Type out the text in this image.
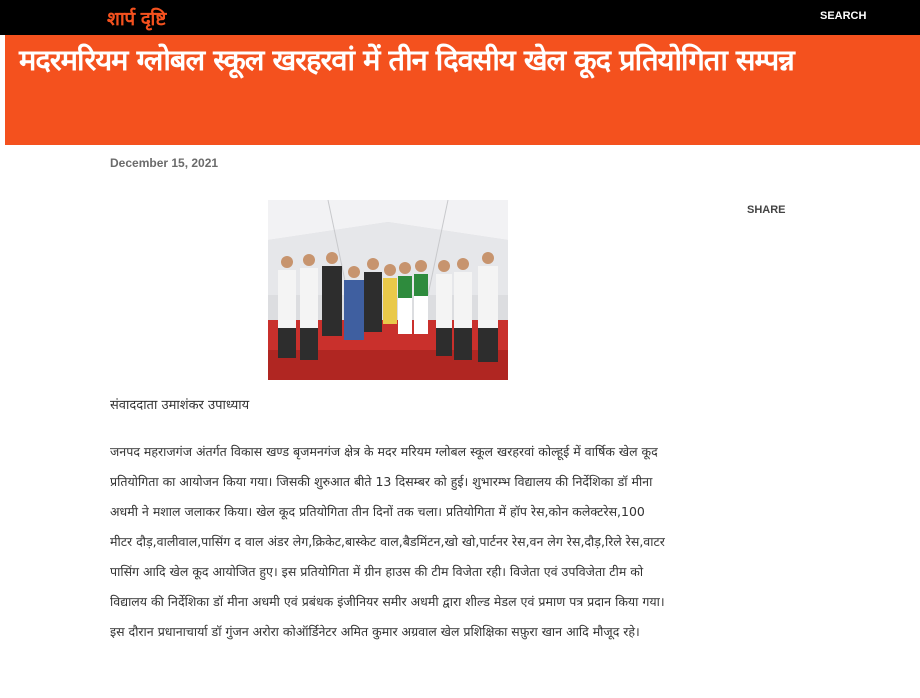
शार्प दृष्टि	SEARCH
मदरमरियम ग्लोबल स्कूल खरहरवां में तीन दिवसीय खेल कूद प्रतियोगिता सम्पन्न
December 15, 2021
SHARE
संवाददाता उमाशंकर उपाध्याय

जनपद महराजगंज अंतर्गत विकास खण्ड बृजमनगंज क्षेत्र के मदर मरियम ग्लोबल स्कूल खरहरवां कोल्हूई में वार्षिक खेल कूद प्रतियोगिता का आयोजन किया गया। जिसकी शुरुआत बीते 13 दिसम्बर को हुई। शुभारम्भ विद्यालय की निर्देशिका डॉ मीना अधमी ने मशाल जलाकर किया। खेल कूद प्रतियोगिता तीन दिनों तक चला। प्रतियोगिता में हॉप रेस,कोन कलेक्टरेस,100 मीटर दौड़,वालीवाल,पासिंग द वाल अंडर लेग,क्रिकेट,बास्केट वाल,बैडमिंटन,खो खो,पार्टनर रेस,वन लेग रेस,दौड़,रिले रेस,वाटर पासिंग आदि खेल कूद आयोजित हुए। इस प्रतियोगिता में ग्रीन हाउस की टीम विजेता रही। विजेता एवं उपविजेता टीम को विद्यालय की निर्देशिका डॉ मीना अधमी एवं प्रबंधक इंजीनियर समीर अधमी द्वारा शील्ड मेडल एवं प्रमाण पत्र प्रदान किया गया। इस दौरान प्रधानाचार्या डॉ गुंजन अरोरा कोऑर्डिनेटर अमित कुमार अग्रवाल खेल प्रशिक्षिका सफ़ुरा खान आदि मौजूद रहे।
